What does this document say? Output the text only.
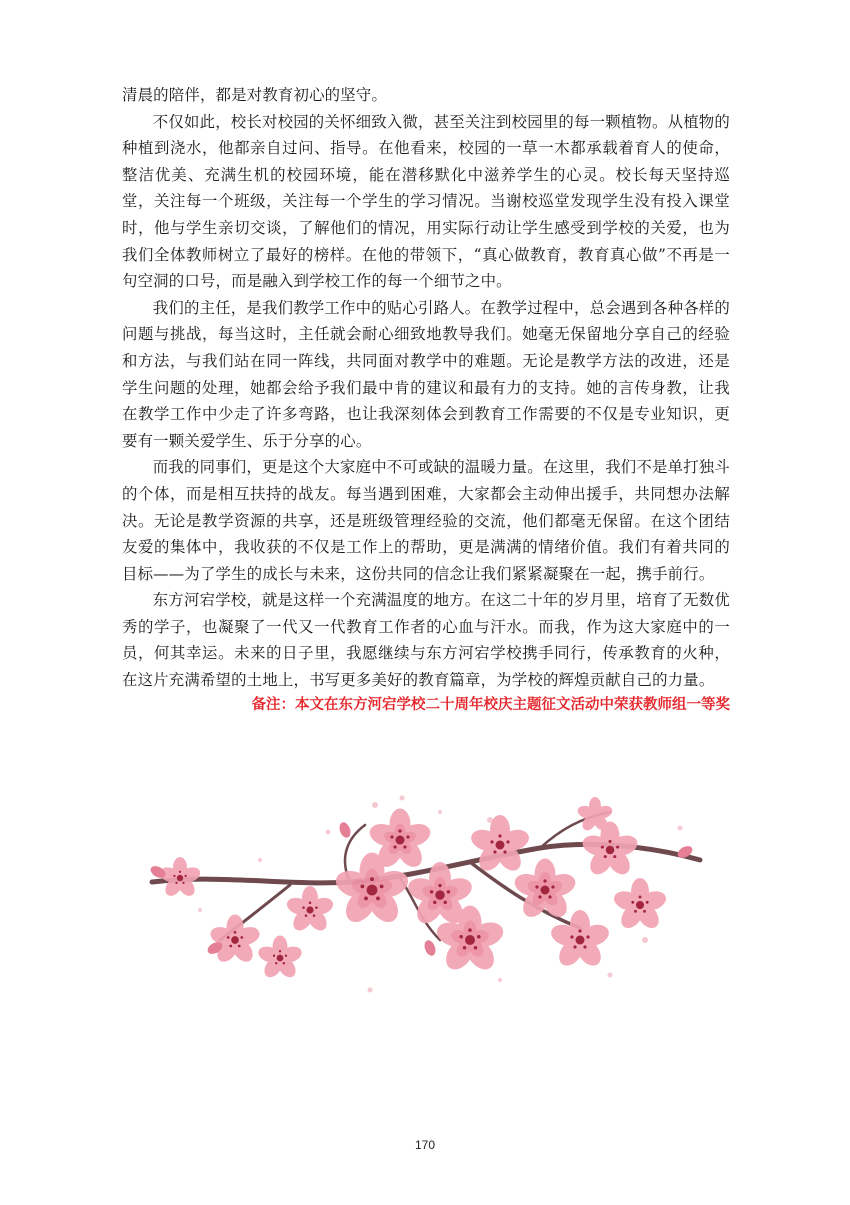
清晨的陪伴，都是对教育初心的坚守。

不仅如此，校长对校园的关怀细致入微，甚至关注到校园里的每一颗植物。从植物的种植到浇水，他都亲自过问、指导。在他看来，校园的一草一木都承载着育人的使命，整洁优美、充满生机的校园环境，能在潜移默化中滋养学生的心灵。校长每天坚持巡堂，关注每一个班级，关注每一个学生的学习情况。当谢校巡堂发现学生没有投入课堂时，他与学生亲切交谈，了解他们的情况，用实际行动让学生感受到学校的关爱，也为我们全体教师树立了最好的榜样。在他的带领下，“真心做教育，教育真心做”不再是一句空洞的口号，而是融入到学校工作的每一个细节之中。

我们的主任，是我们教学工作中的贴心引路人。在教学过程中，总会遇到各种各样的问题与挑战，每当这时，主任就会耐心细致地教导我们。她毫无保留地分享自己的经验和方法，与我们站在同一阵线，共同面对教学中的难题。无论是教学方法的改进，还是学生问题的处理，她都会给予我们最中肯的建议和最有力的支持。她的言传身教，让我在教学工作中少走了许多弯路，也让我深刻体会到教育工作需要的不仅是专业知识，更要有一颗关爱学生、乐于分享的心。

而我的同事们，更是这个大家庭中不可或缺的温暖力量。在这里，我们不是单打独斗的个体，而是相互扶持的战友。每当遇到困难，大家都会主动伸出援手，共同想办法解决。无论是教学资源的共享，还是班级管理经验的交流，他们都毫无保留。在这个团结友爱的集体中，我收获的不仅是工作上的帮助，更是满满的情绪价值。我们有着共同的目标——为了学生的成长与未来，这份共同的信念让我们紧紧凝聚在一起，携手前行。

东方河宕学校，就是这样一个充满温度的地方。在这二十年的岁月里，培育了无数优秀的学子，也凝聚了一代又一代教育工作者的心血与汗水。而我，作为这大家庭中的一员，何其幸运。未来的日子里，我愿继续与东方河宕学校携手同行，传承教育的火种，在这片充满希望的土地上，书写更多美好的教育篇章，为学校的辉煌贡献自己的力量。

备注：本文在东方河宕学校二十周年校庆主题征文活动中荣获教师组一等奖
170
